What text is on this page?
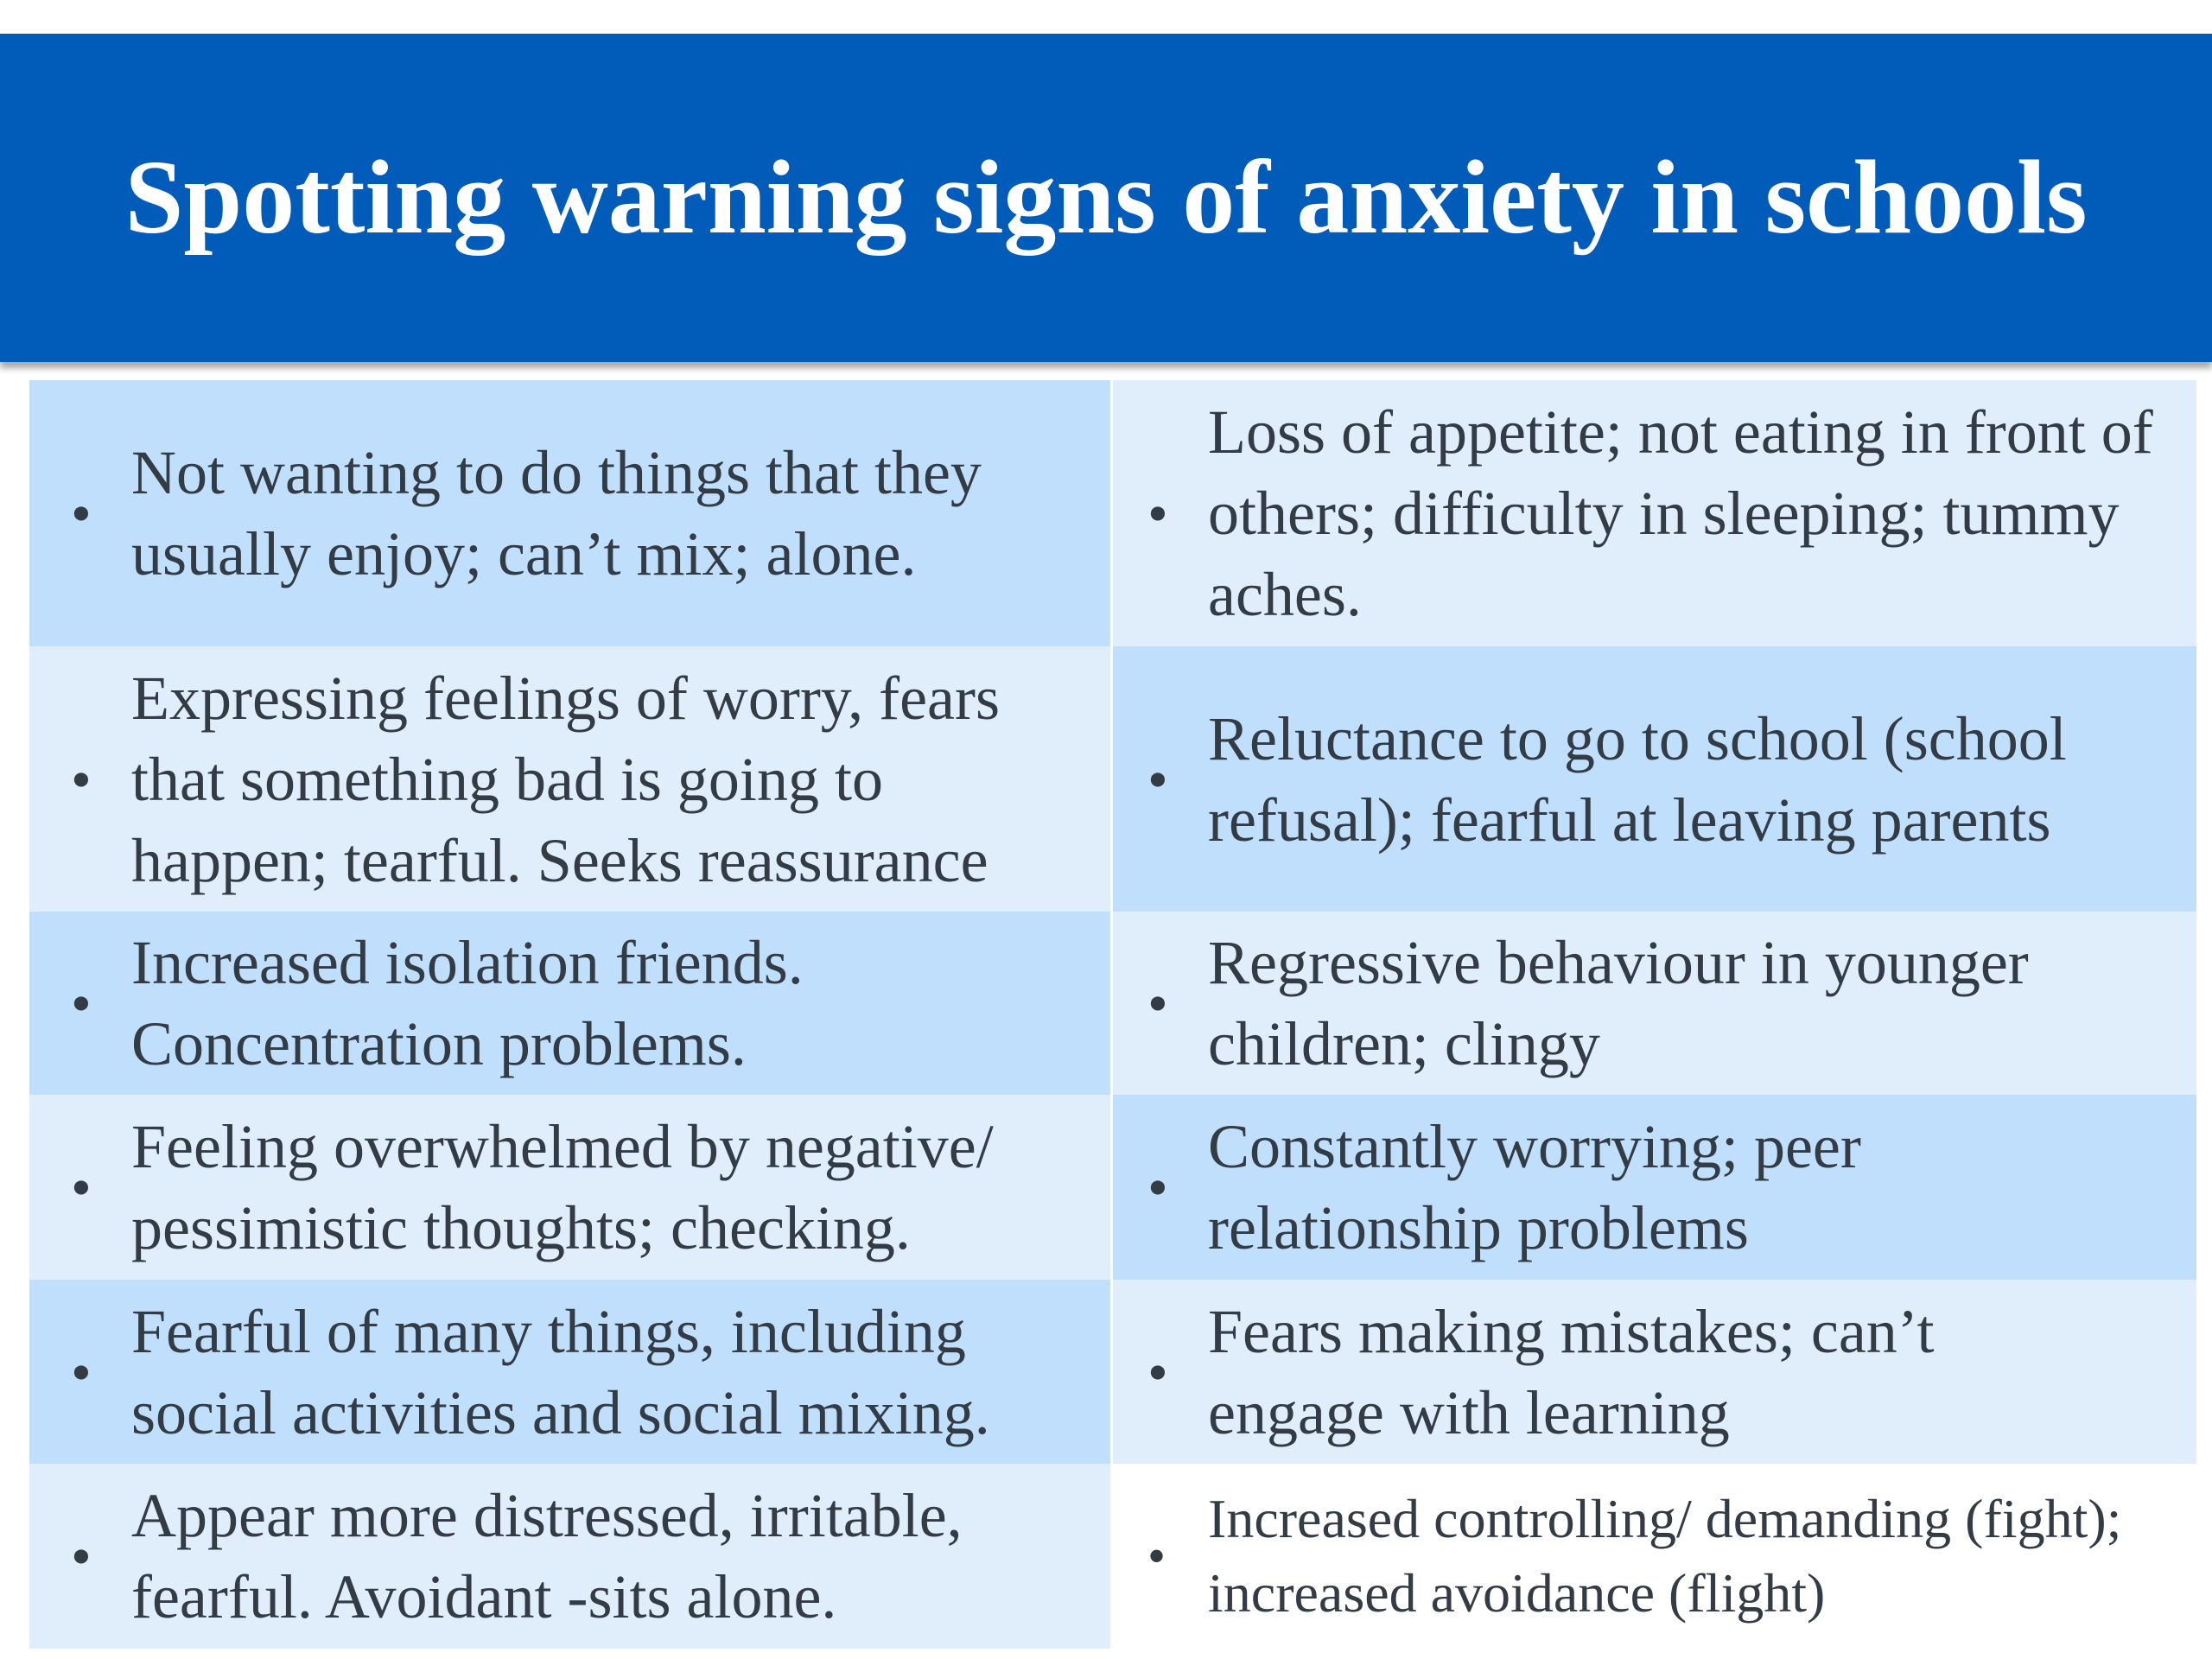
Spotting warning signs of anxiety in schools
•
Not wanting to do things that they usually enjoy; can’t mix; alone.
•
Loss of appetite; not eating in front of others; difficulty in sleeping; tummy aches.
•
Expressing feelings of worry, fears that something bad is going to happen; tearful. Seeks reassurance
•
Reluctance to go to school (school refusal); fearful at leaving parents
•
Increased isolation friends. Concentration problems.
•
Regressive behaviour in younger children; clingy
•
Feeling overwhelmed by negative/ pessimistic thoughts; checking.
•
Constantly worrying; peer relationship problems
•
Fearful of many things, including social activities and social mixing.
•
Fears making mistakes; can’t engage with learning
•
Appear more distressed, irritable, fearful. Avoidant -sits alone.
•
Increased controlling/ demanding (fight); increased avoidance (flight)
